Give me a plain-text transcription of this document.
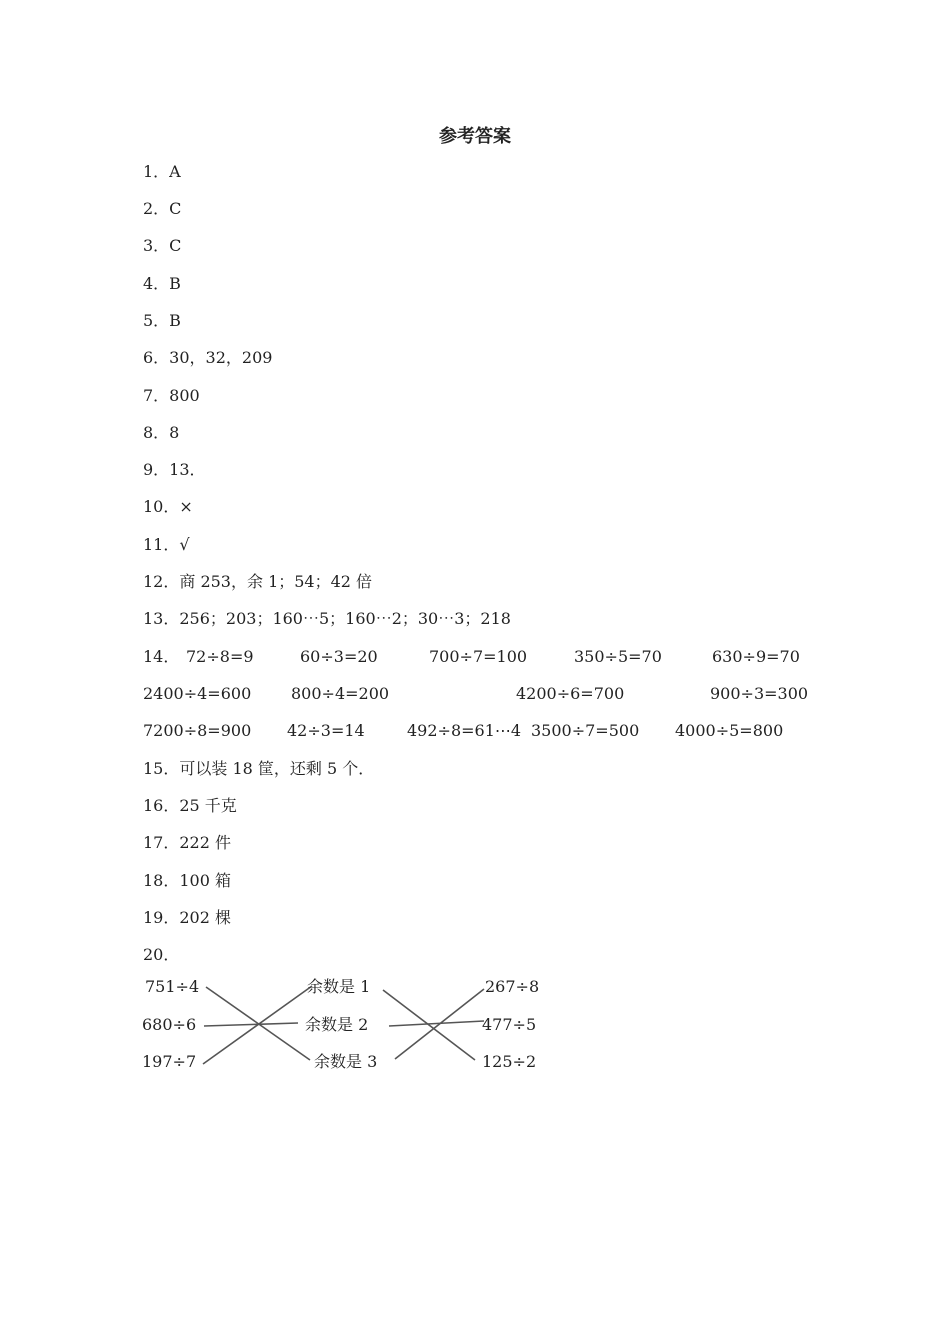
参考答案
1．A
2．C
3．C
4．B
5．B
6．30，32，209
7．800
8．8
9．13．
10．×
11．√
12．商 253，余 1；54；42 倍
13．256；203；160⋯5；160⋯2；30⋯3；218
14． 72÷8=9	60÷3=20	700÷7=100	350÷5=70	630÷9=70
2400÷4=600 800÷4=200	4200÷6=700	900÷3=300
7200÷8=900 42÷3=14	492÷8=61⋯4 3500÷7=500 4000÷5=800
15．可以装 18 筐，还剩 5 个．
16．25 千克
17．222 件
18．100 箱
19．202 棵
20．
751÷4
680÷6
197÷7
余数是 1
余数是 2
余数是 3
267÷8
477÷5
125÷2
